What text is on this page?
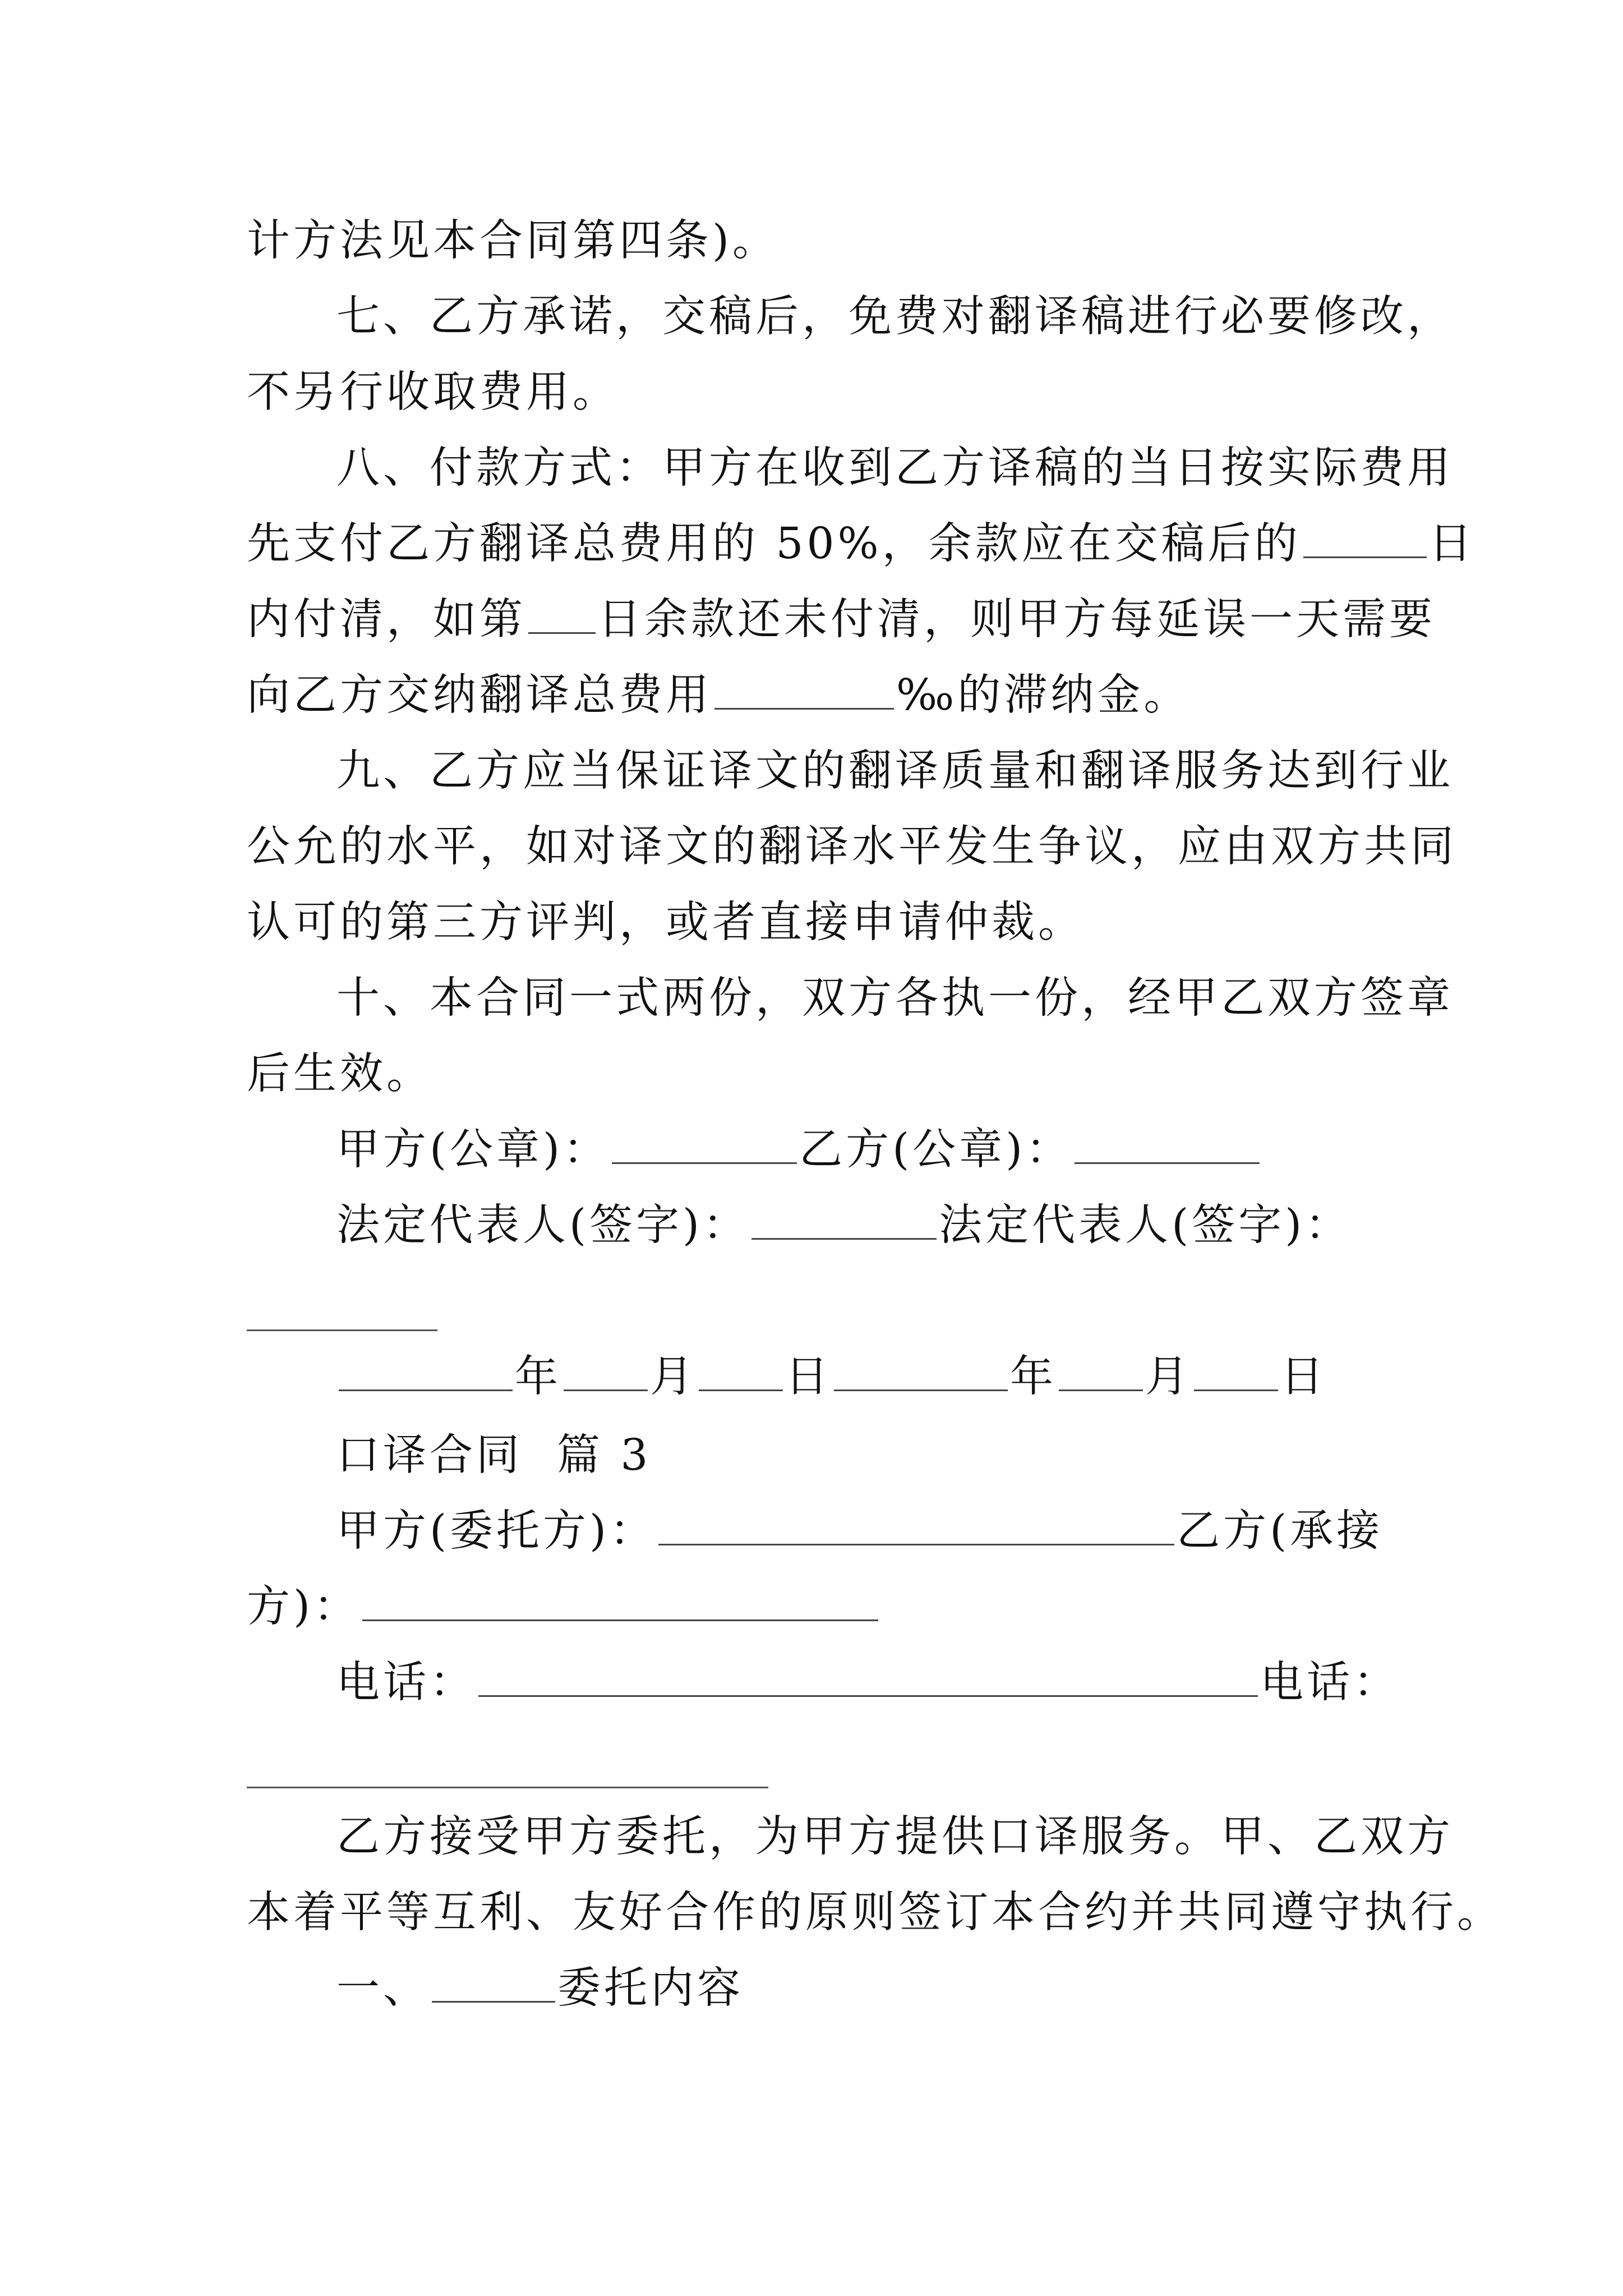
计方法见本合同第四条)。
七、乙方承诺，交稿后，免费对翻译稿进行必要修改，
不另行收取费用。
八、付款方式：甲方在收到乙方译稿的当日按实际费用
先支付乙方翻译总费用的 50%，余款应在交稿后的	日
内付清，如第 日余款还未付清，则甲方每延误一天需要
向乙方交纳翻译总费用	‰的滞纳金。
九、乙方应当保证译文的翻译质量和翻译服务达到行业
公允的水平，如对译文的翻译水平发生争议，应由双方共同
认可的第三方评判，或者直接申请仲裁。
十、本合同一式两份，双方各执一份，经甲乙双方签章
后生效。
甲方(公章)：	乙方(公章)：
法定代表人(签字)：	法定代表人(签字)：
年 月 日	年 月 日
口译合同  篇 3
甲方(委托方)：	乙方(承接
方)：
电话：	电话：
乙方接受甲方委托，为甲方提供口译服务。甲、乙双方
本着平等互利、友好合作的原则签订本合约并共同遵守执行。
一、	委托内容
